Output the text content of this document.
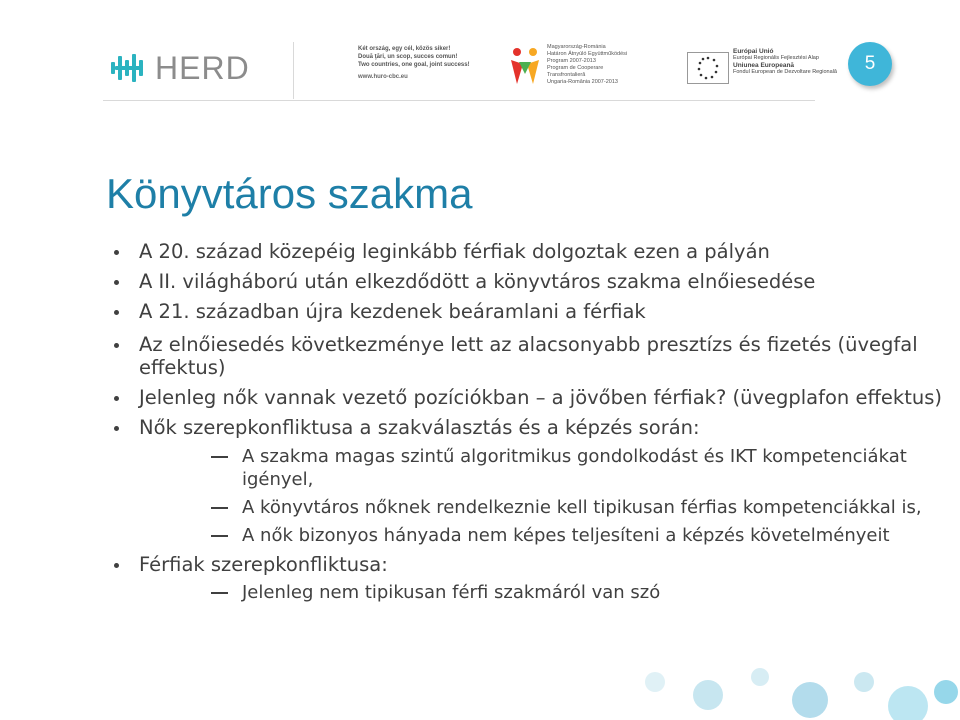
HERD
Két ország, egy cél, közös siker!
Două ţări, un scop, succes comun!
Two countries, one goal, joint success!
www.huro-cbc.eu
Magyarország-Románia
Határon Átnyúló Együttműködési
Program 2007-2013
Program de Cooperare
Transfrontalieră
Ungaria-România 2007-2013
Európai Unió
Európai Regionális Fejlesztési Alap
Uniunea Europeană
Fondul European de Dezvoltare Regională	5
Könyvtáros szakma
A 20. század közepéig leginkább férfiak dolgoztak ezen a pályán
A II. világháború után elkezdődött a könyvtáros szakma elnőiesedése
A 21. században újra kezdenek beáramlani a férfiak
Az elnőiesedés következménye lett az alacsonyabb presztízs és fizetés (üvegfal effektus)
Jelenleg nők vannak vezető pozíciókban – a jövőben férfiak? (üvegplafon effektus)
Nők szerepkonfliktusa a szakválasztás és a képzés során:
A szakma magas szintű algoritmikus gondolkodást és IKT kompetenciákat igényel,
A könyvtáros nőknek rendelkeznie kell tipikusan férfias kompetenciákkal is,
A nők bizonyos hányada nem képes teljesíteni a képzés követelményeit
Férfiak szerepkonfliktusa:
Jelenleg nem tipikusan férfi szakmáról van szó
